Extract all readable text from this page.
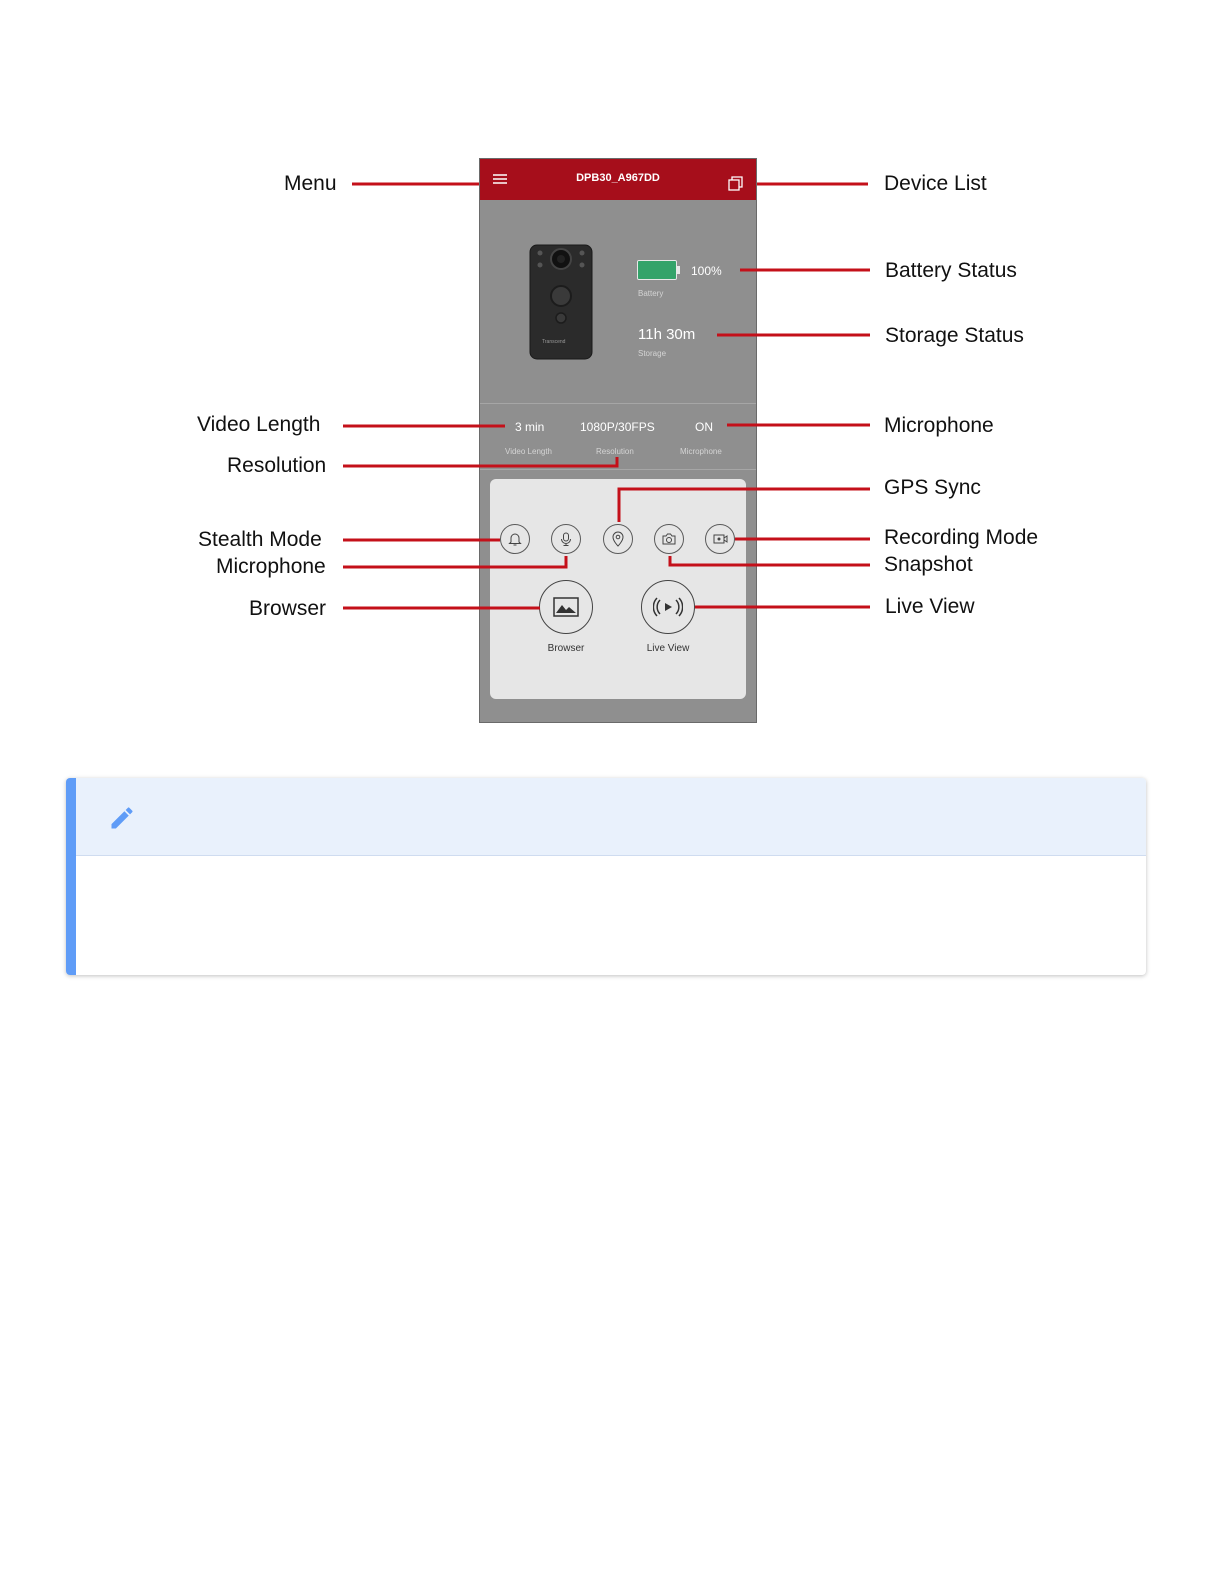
DPB30_A967DD
Transcend
100%
Battery
11h 30m
Storage
3 min
Video Length
1080P/30FPS
Resolution
ON
Microphone
Browser	Live View
Menu	Device List
Battery Status
Storage Status
Video Length	Microphone
Resolution
GPS Sync
Stealth Mode	Recording Mode
Microphone	Snapshot
Browser	Live View
